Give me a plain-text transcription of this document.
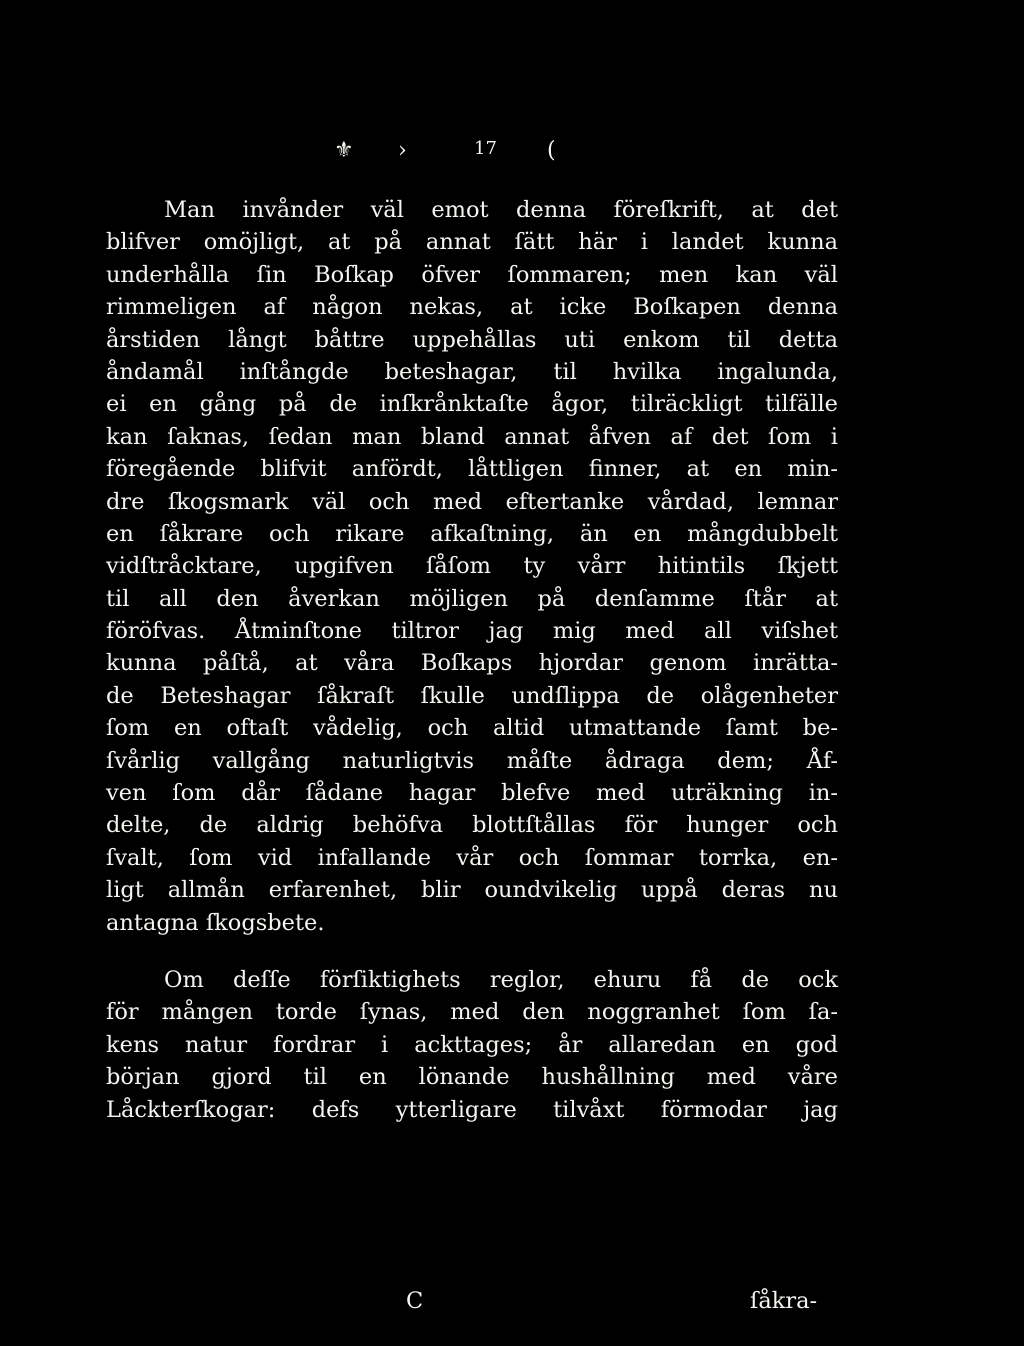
⚜ ›	17 (
Man invånder väl emot denna föreſkrift, at det
blifver omöjligt, at på annat ſätt här i landet kunna
underhålla ſin Boſkap öfver ſommaren; men kan väl
rimmeligen af någon nekas, at icke Boſkapen denna
årstiden långt båttre uppehållas uti enkom til detta
åndamål inſtångde beteshagar, til hvilka ingalunda,
ei en gång på de inſkrånktaſte ågor, tilräckligt tilfälle
kan ſaknas, ſedan man bland annat åfven af det ſom i
föregående blifvit anfördt, låttligen finner, at en min-
dre ſkogsmark väl och med eftertanke vårdad, lemnar
en ſåkrare och rikare afkaſtning, än en mångdubbelt
vidſtråcktare, upgifven ſåſom ty vårr hitintils ſkjett
til all den åverkan möjligen på denſamme ſtår at
föröfvas. Åtminſtone tiltror jag mig med all viſshet
kunna påſtå, at våra Boſkaps hjordar genom inrätta-
de Beteshagar ſåkraſt ſkulle undſlippa de olågenheter
ſom en oftaſt vådelig, och altid utmattande ſamt be-
ſvårlig vallgång naturligtvis måſte ådraga dem; Åf-
ven ſom dår ſådane hagar blefve med uträkning in-
delte, de aldrig behöfva blottſtållas för hunger och
ſvalt, ſom vid infallande vår och ſommar torrka, en-
ligt allmån erfarenhet, blir oundvikelig uppå deras nu
antagna ſkogsbete.
Om deſſe förſiktighets reglor, ehuru få de ock
för mången torde ſynas, med den noggranhet ſom ſa-
kens natur fordrar i ackttages; år allaredan en god
början gjord til en lönande hushållning med våre
Låckterſkogar: defs ytterligare tilvåxt förmodar jag
C	ſåkra-
